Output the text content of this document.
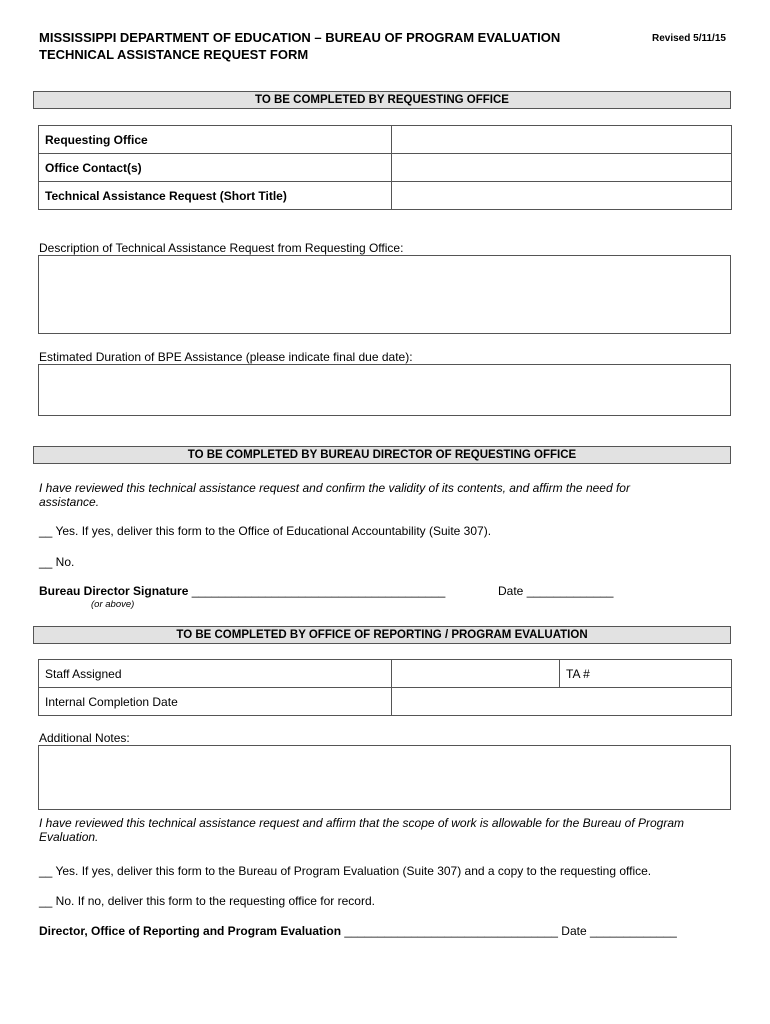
MISSISSIPPI DEPARTMENT OF EDUCATION – BUREAU OF PROGRAM EVALUATION
TECHNICAL ASSISTANCE REQUEST FORM
Revised 5/11/15
TO BE COMPLETED BY REQUESTING OFFICE
Requesting Office	
Office Contact(s)	
Technical Assistance Request (Short Title)	
Description of Technical Assistance Request from Requesting Office:
Estimated Duration of BPE Assistance (please indicate final due date):
TO BE COMPLETED BY BUREAU DIRECTOR OF REQUESTING OFFICE
I have reviewed this technical assistance request and confirm the validity of its contents, and affirm the need for assistance.
__ Yes. If yes, deliver this form to the Office of Educational Accountability (Suite 307).
__ No.
Bureau Director Signature ______________________________________	Date _____________
(or above)
TO BE COMPLETED BY OFFICE OF REPORTING / PROGRAM EVALUATION
Staff Assigned		TA #
Internal Completion Date		
Additional Notes:
I have reviewed this technical assistance request and affirm that the scope of work is allowable for the Bureau of Program Evaluation.
__ Yes. If yes, deliver this form to the Bureau of Program Evaluation (Suite 307) and a copy to the requesting office.
__ No. If no, deliver this form to the requesting office for record.
Director, Office of Reporting and Program Evaluation ________________________________ Date _____________
